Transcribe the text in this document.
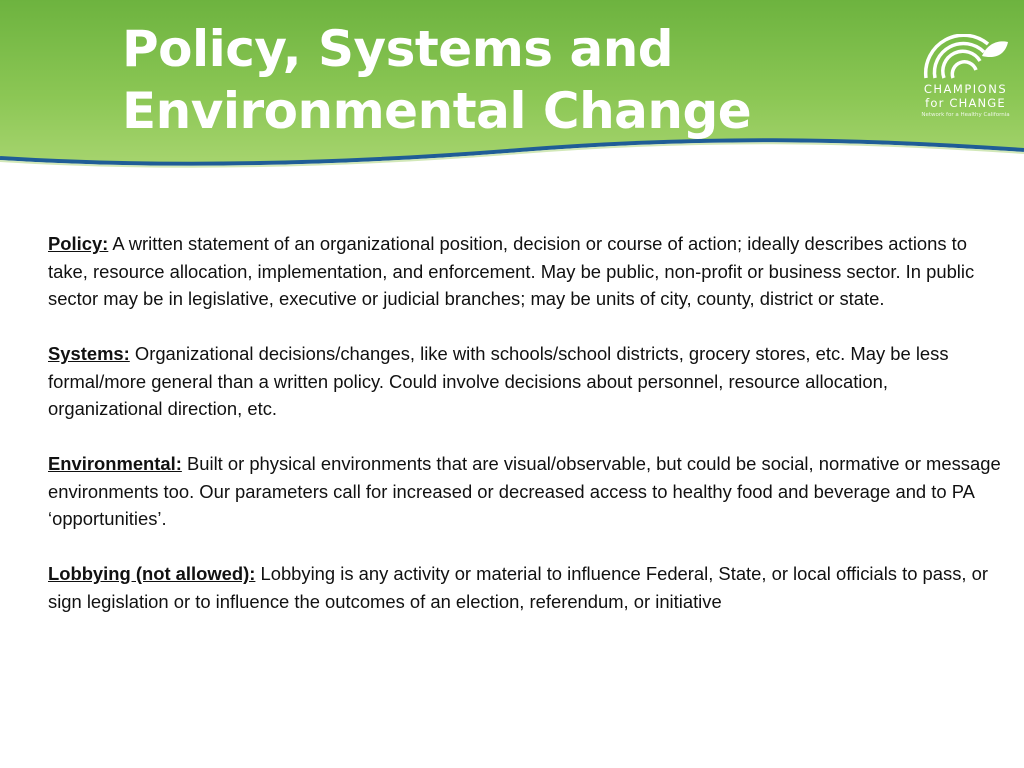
Policy, Systems and
Environmental Change	CHAMPIONS
for CHANGE
Network for a Healthy California

Policy: A written statement of an organizational position, decision or course of action; ideally describes actions to take, resource allocation, implementation, and enforcement. May be public, non-profit or business sector. In public sector may be in legislative, executive or judicial branches; may be units of city, county, district or state.

Systems: Organizational decisions/changes, like with schools/school districts, grocery stores, etc. May be less formal/more general than a written policy. Could involve decisions about personnel, resource allocation, organizational direction, etc.

Environmental: Built or physical environments that are visual/observable, but could be social, normative or message environments too. Our parameters call for increased or decreased access to healthy food and beverage and to PA ‘opportunities’.

Lobbying (not allowed): Lobbying is any activity or material to influence Federal, State, or local officials to pass, or sign legislation or to influence the outcomes of an election, referendum, or initiative
